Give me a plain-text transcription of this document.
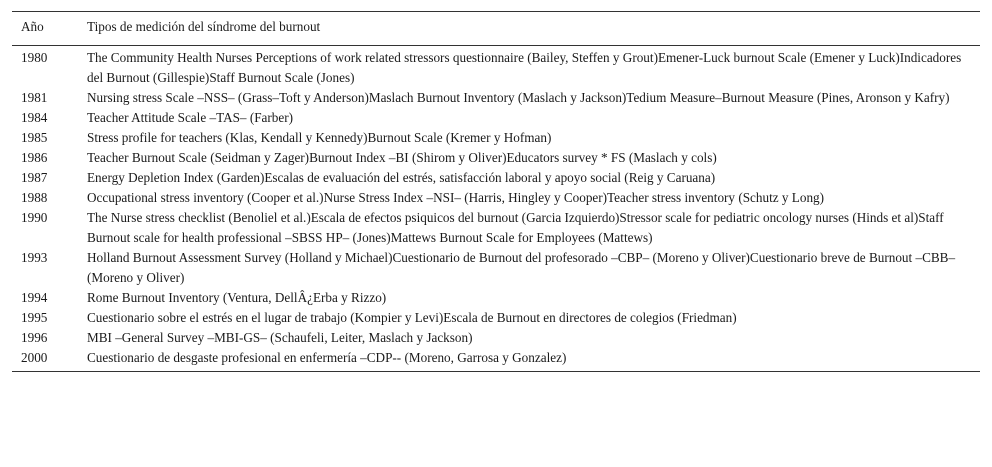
Año	Tipos de medición del síndrome del burnout
1980	The Community Health Nurses Perceptions of work related stressors questionnaire (Bailey, Steffen y Grout)Emener-Luck burnout Scale (Emener y Luck)Indicadores del Burnout (Gillespie)Staff Burnout Scale (Jones)
1981	Nursing stress Scale –NSS– (Grass–Toft y Anderson)Maslach Burnout Inventory (Maslach y Jackson)Tedium Measure–Burnout Measure (Pines, Aronson y Kafry)
1984	Teacher Attitude Scale –TAS– (Farber)
1985	Stress profile for teachers (Klas, Kendall y Kennedy)Burnout Scale (Kremer y Hofman)
1986	Teacher Burnout Scale (Seidman y Zager)Burnout Index –BI (Shirom y Oliver)Educators survey * FS (Maslach y cols)
1987	Energy Depletion Index (Garden)Escalas de evaluación del estrés, satisfacción laboral y apoyo social (Reig y Caruana)
1988	Occupational stress inventory (Cooper et al.)Nurse Stress Index –NSI– (Harris, Hingley y Cooper)Teacher stress inventory (Schutz y Long)
1990	The Nurse stress checklist (Benoliel et al.)Escala de efectos psiquicos del burnout (Garcia Izquierdo)Stressor scale for pediatric oncology nurses (Hinds et al)Staff Burnout scale for health professional –SBSS HP– (Jones)Mattews Burnout Scale for Employees (Mattews)
1993	Holland Burnout Assessment Survey (Holland y Michael)Cuestionario de Burnout del profesorado –CBP– (Moreno y Oliver)Cuestionario breve de Burnout –CBB– (Moreno y Oliver)
1994	Rome Burnout Inventory (Ventura, DellÂ¿Erba y Rizzo)
1995	Cuestionario sobre el estrés en el lugar de trabajo (Kompier y Levi)Escala de Burnout en directores de colegios (Friedman)
1996	MBI –General Survey –MBI-GS– (Schaufeli, Leiter, Maslach y Jackson)
2000	Cuestionario de desgaste profesional en enfermería –CDP-- (Moreno, Garrosa y Gonzalez)
